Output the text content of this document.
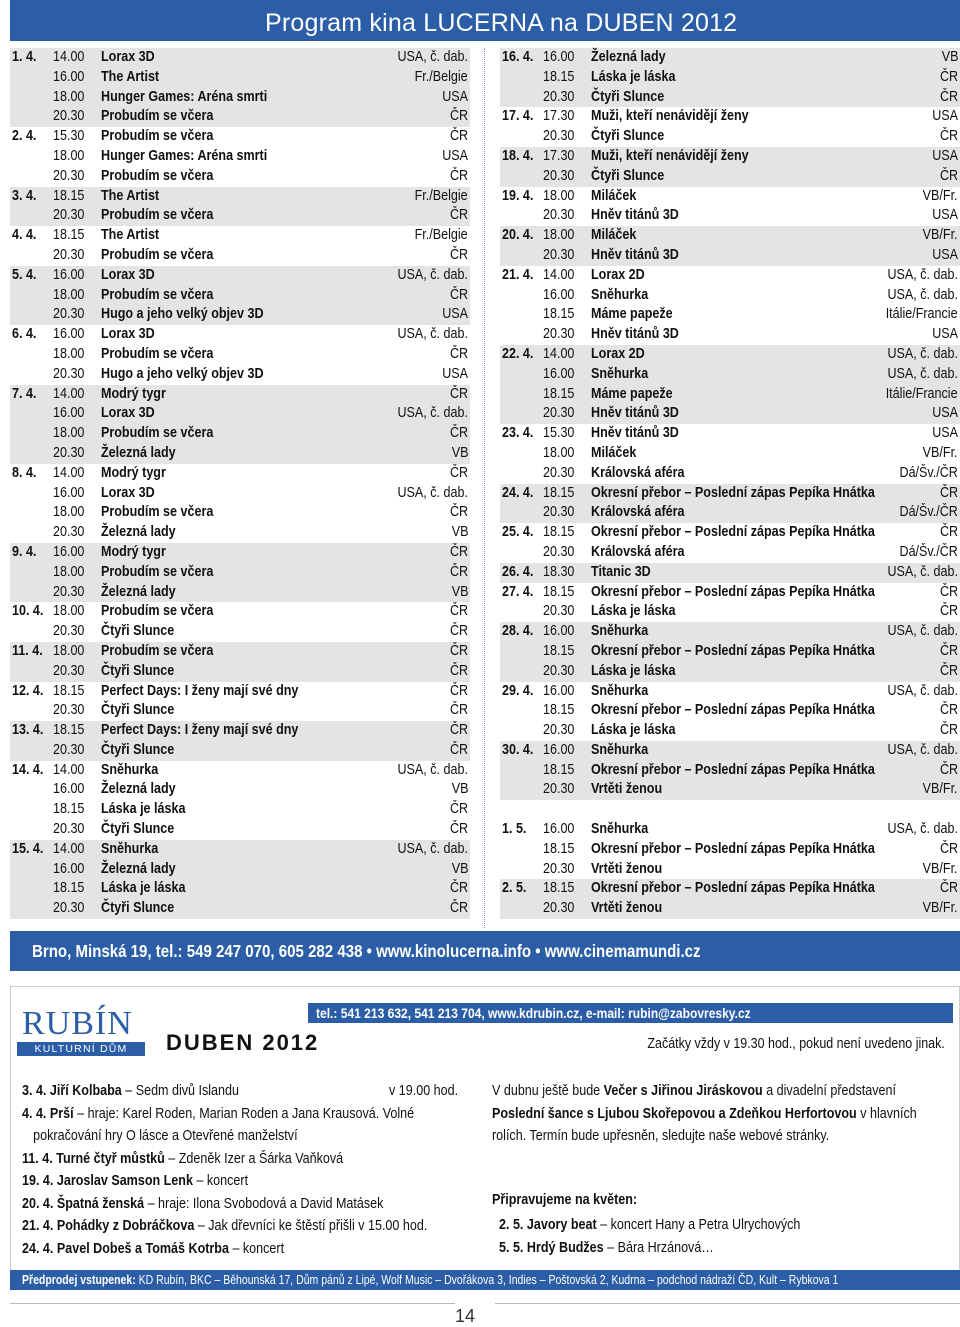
Program kina LUCERNA na DUBEN 2012
1. 4. 14.00	Lorax 3D	USA, č. dab.
16.00	The Artist	Fr./Belgie
18.00	Hunger Games: Aréna smrti	USA
20.30	Probudím se včera	ČR
2. 4. 15.30	Probudím se včera	ČR
18.00	Hunger Games: Aréna smrti	USA
20.30	Probudím se včera	ČR
3. 4. 18.15	The Artist	Fr./Belgie
20.30	Probudím se včera	ČR
4. 4. 18.15	The Artist	Fr./Belgie
20.30	Probudím se včera	ČR
5. 4. 16.00	Lorax 3D	USA, č. dab.
18.00	Probudím se včera	ČR
20.30	Hugo a jeho velký objev 3D	USA
6. 4. 16.00	Lorax 3D	USA, č. dab.
18.00	Probudím se včera	ČR
20.30	Hugo a jeho velký objev 3D	USA
7. 4. 14.00	Modrý tygr	ČR
16.00	Lorax 3D	USA, č. dab.
18.00	Probudím se včera	ČR
20.30	Železná lady	VB
8. 4. 14.00	Modrý tygr	ČR
16.00	Lorax 3D	USA, č. dab.
18.00	Probudím se včera	ČR
20.30	Železná lady	VB
9. 4. 16.00	Modrý tygr	ČR
18.00	Probudím se včera	ČR
20.30	Železná lady	VB
10. 4. 18.00	Probudím se včera	ČR
20.30	Čtyři Slunce	ČR
11. 4. 18.00	Probudím se včera	ČR
20.30	Čtyři Slunce	ČR
12. 4. 18.15	Perfect Days: I ženy mají své dny	ČR
20.30	Čtyři Slunce	ČR
13. 4. 18.15	Perfect Days: I ženy mají své dny	ČR
20.30	Čtyři Slunce	ČR
14. 4. 14.00	Sněhurka	USA, č. dab.
16.00	Železná lady	VB
18.15	Láska je láska	ČR
20.30	Čtyři Slunce	ČR
15. 4. 14.00	Sněhurka	USA, č. dab.
16.00	Železná lady	VB
18.15	Láska je láska	ČR
20.30	Čtyři Slunce	ČR
16. 4. 16.00	Železná lady	VB
18.15	Láska je láska	ČR
20.30	Čtyři Slunce	ČR
17. 4. 17.30	Muži, kteří nenávidějí ženy	USA
20.30	Čtyři Slunce	ČR
18. 4. 17.30	Muži, kteří nenávidějí ženy	USA
20.30	Čtyři Slunce	ČR
19. 4. 18.00	Miláček	VB/Fr.
20.30	Hněv titánů 3D	USA
20. 4. 18.00	Miláček	VB/Fr.
20.30	Hněv titánů 3D	USA
21. 4. 14.00	Lorax 2D	USA, č. dab.
16.00	Sněhurka	USA, č. dab.
18.15	Máme papeže	Itálie/Francie
20.30	Hněv titánů 3D	USA
22. 4. 14.00	Lorax 2D	USA, č. dab.
16.00	Sněhurka	USA, č. dab.
18.15	Máme papeže	Itálie/Francie
20.30	Hněv titánů 3D	USA
23. 4. 15.30	Hněv titánů 3D	USA
18.00	Miláček	VB/Fr.
20.30	Královská aféra	Dá/Šv./ČR
24. 4. 18.15	Okresní přebor – Poslední zápas Pepíka Hnátka	ČR
20.30	Královská aféra	Dá/Šv./ČR
25. 4. 18.15	Okresní přebor – Poslední zápas Pepíka Hnátka	ČR
20.30	Královská aféra	Dá/Šv./ČR
26. 4. 18.30	Titanic 3D	USA, č. dab.
27. 4. 18.15	Okresní přebor – Poslední zápas Pepíka Hnátka	ČR
20.30	Láska je láska	ČR
28. 4. 16.00	Sněhurka	USA, č. dab.
18.15	Okresní přebor – Poslední zápas Pepíka Hnátka	ČR
20.30	Láska je láska	ČR
29. 4. 16.00	Sněhurka	USA, č. dab.
18.15	Okresní přebor – Poslední zápas Pepíka Hnátka	ČR
20.30	Láska je láska	ČR
30. 4. 16.00	Sněhurka	USA, č. dab.
18.15	Okresní přebor – Poslední zápas Pepíka Hnátka	ČR
20.30	Vrtěti ženou	VB/Fr.
1. 5. 16.00	Sněhurka	USA, č. dab.
18.15	Okresní přebor – Poslední zápas Pepíka Hnátka	ČR
20.30	Vrtěti ženou	VB/Fr.
2. 5. 18.15	Okresní přebor – Poslední zápas Pepíka Hnátka	ČR
20.30	Vrtěti ženou	VB/Fr.
Brno, Minská 19, tel.: 549 247 070, 605 282 438 • www.kinolucerna.info • www.cinemamundi.cz
RUBÍN
KULTURNÍ DŮM	DUBEN 2012
tel.: 541 213 632, 541 213 704, www.kdrubin.cz, e-mail: rubin@zabovresky.cz
Začátky vždy v 19.30 hod., pokud není uvedeno jinak.
3. 4. Jiří Kolbaba – Sedm divů Islandu	v 19.00 hod.
4. 4. Prší – hraje: Karel Roden, Marian Roden a Jana Krausová. Volné
pokračování hry O lásce a Otevřené manželství
11. 4. Turné čtyř můstků – Zdeněk Izer a Šárka Vaňková
19. 4. Jaroslav Samson Lenk – koncert
20. 4. Špatná ženská – hraje: Ilona Svobodová a David Matásek
21. 4. Pohádky z Dobráčkova – Jak dřevníci ke štěstí přišli v 15.00 hod.
24. 4. Pavel Dobeš a Tomáš Kotrba – koncert
V dubnu ještě bude Večer s Jiřinou Jiráskovou a divadelní představení
Poslední šance s Ljubou Skořepovou a Zdeňkou Herfortovou v hlavních
rolích. Termín bude upřesněn, sledujte naše webové stránky.
Připravujeme na květen:
2. 5. Javory beat – koncert Hany a Petra Ulrychových
5. 5. Hrdý Budžes – Bára Hrzánová…
Předprodej vstupenek: KD Rubín, BKC – Běhounská 17, Dům pánů z Lipé, Wolf Music – Dvořákova 3, Indies – Poštovská 2, Kudrna – podchod nádraží ČD, Kult – Rybkova 1
14
